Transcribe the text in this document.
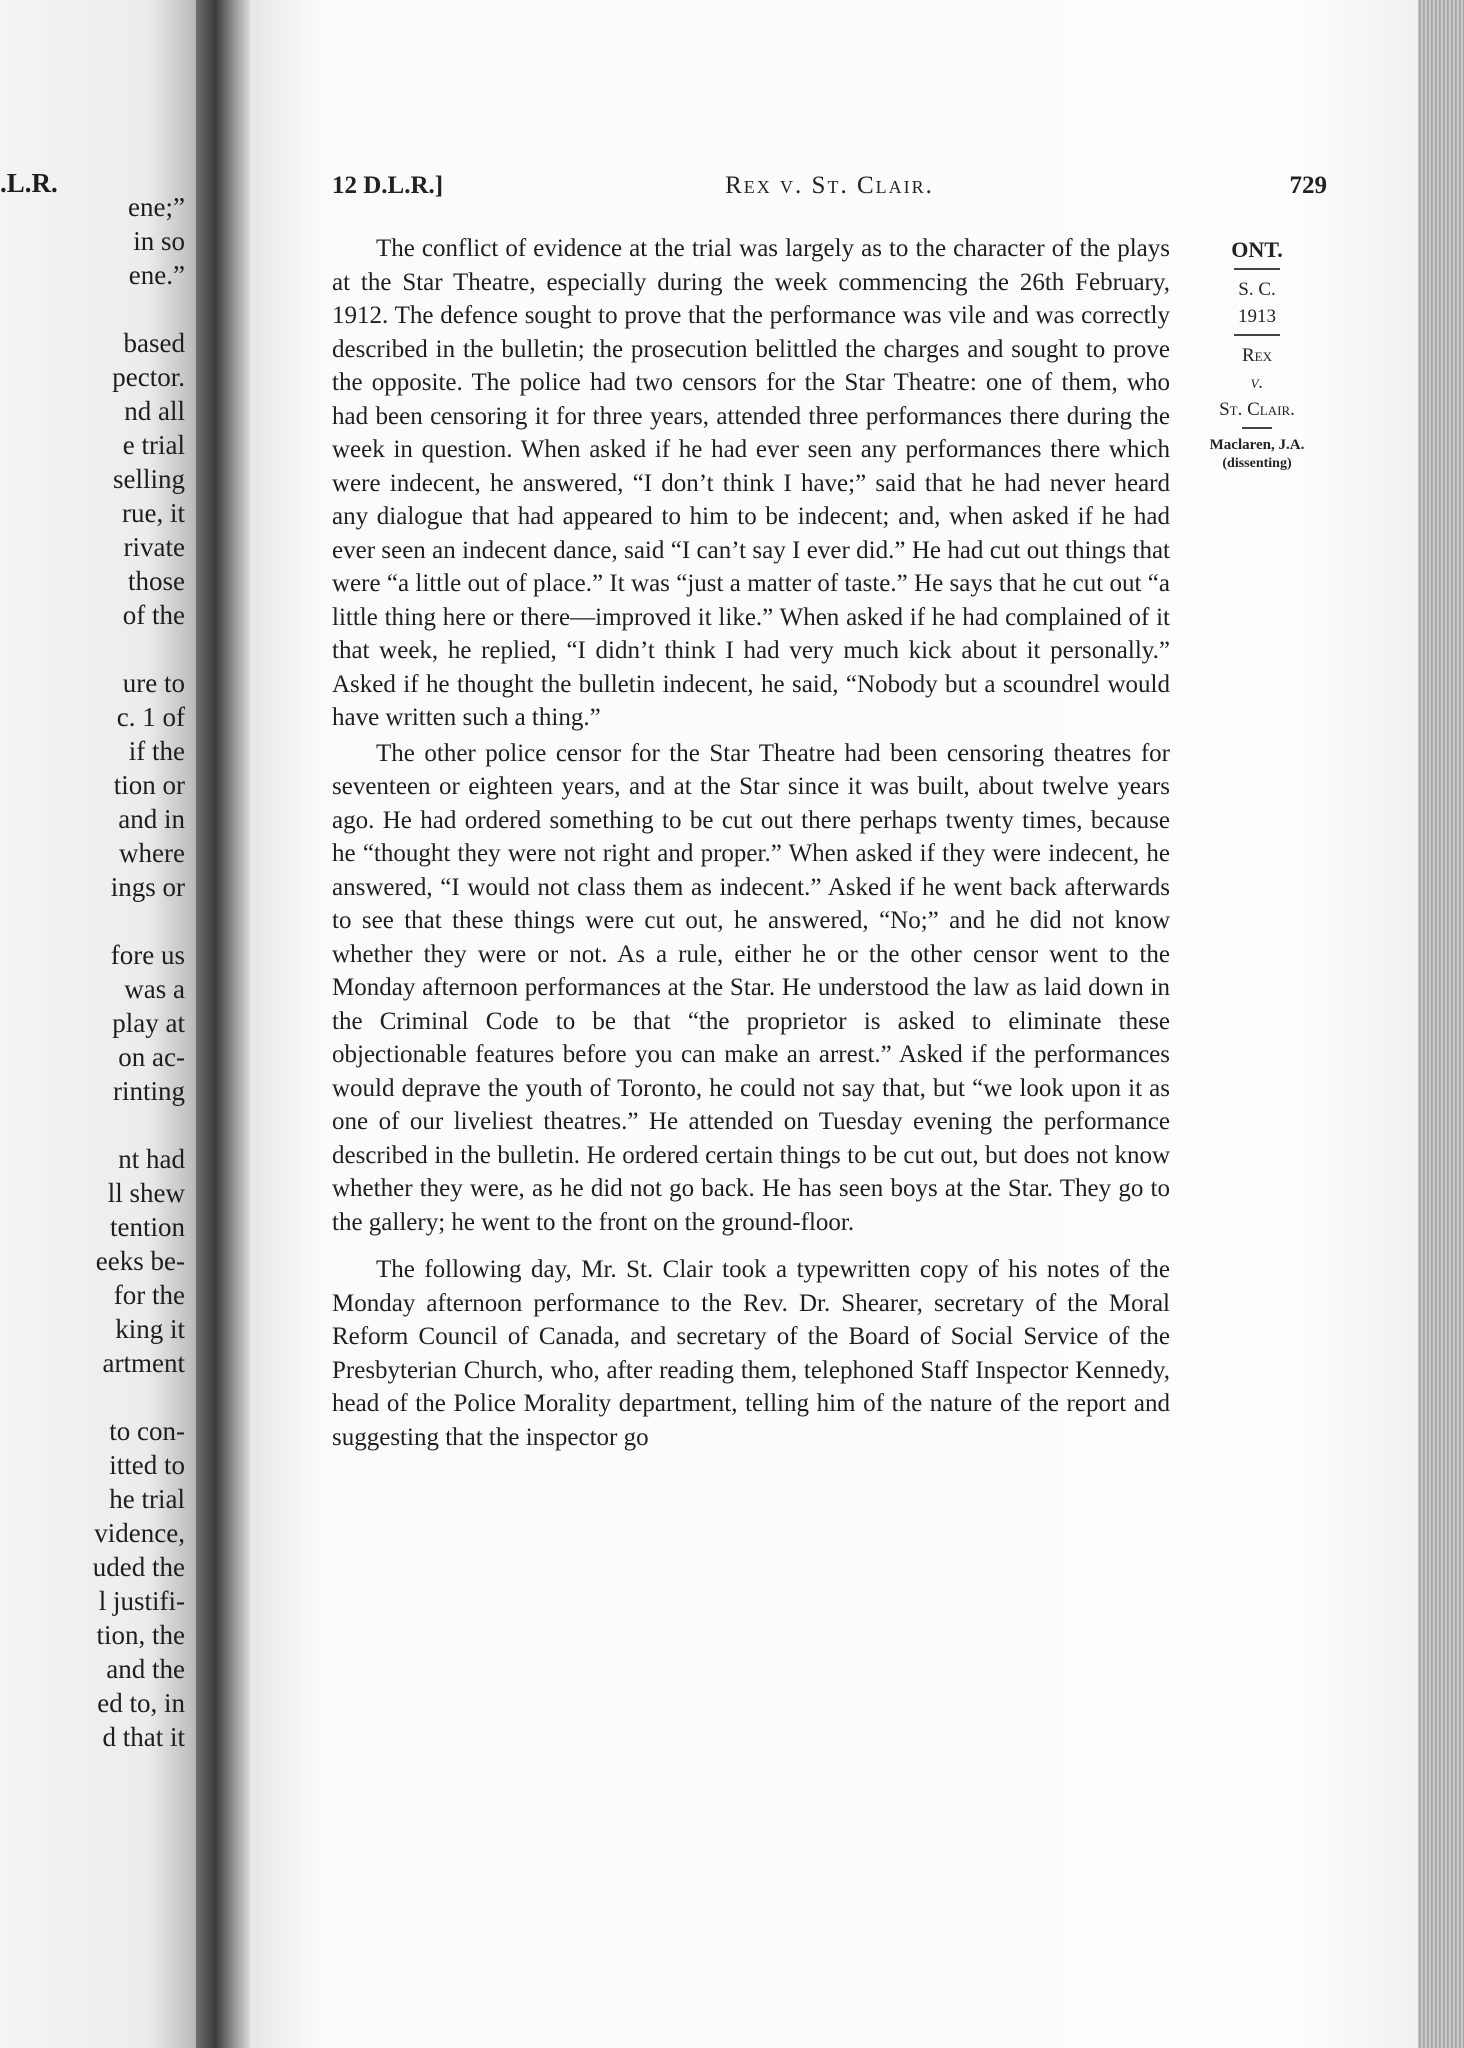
.L.R.
ene;”
in so
ene.”
based
pector.
nd all
e trial
selling
rue, it
rivate
those
of the
ure to
c. 1 of
if the
tion or
and in
where
ings or
fore us
was a
play at
on ac-
rinting
nt had
ll shew
tention
eeks be-
for the
king it
artment
to con-
itted to
he trial
vidence,
uded the
l justifi-
tion, the
and the
ed to, in
d that it
12 D.L.R.]	Rex v. St. Clair.	729
ONT.
S. C.
1913
Rex
v.
St. Clair.
Maclaren, J.A.
(dissenting)

The conflict of evidence at the trial was largely as to the character of the plays at the Star Theatre, especially during the week commencing the 26th February, 1912. The defence sought to prove that the performance was vile and was correctly described in the bulletin; the prosecution belittled the charges and sought to prove the opposite. The police had two censors for the Star Theatre: one of them, who had been censoring it for three years, attended three performances there during the week in question. When asked if he had ever seen any performances there which were indecent, he answered, “I don’t think I have;” said that he had never heard any dialogue that had appeared to him to be indecent; and, when asked if he had ever seen an indecent dance, said “I can’t say I ever did.” He had cut out things that were “a little out of place.” It was “just a matter of taste.” He says that he cut out “a little thing here or there—improved it like.” When asked if he had complained of it that week, he replied, “I didn’t think I had very much kick about it personally.” Asked if he thought the bulletin indecent, he said, “Nobody but a scoundrel would have written such a thing.”

The other police censor for the Star Theatre had been censoring theatres for seventeen or eighteen years, and at the Star since it was built, about twelve years ago. He had ordered something to be cut out there perhaps twenty times, because he “thought they were not right and proper.” When asked if they were indecent, he answered, “I would not class them as indecent.” Asked if he went back afterwards to see that these things were cut out, he answered, “No;” and he did not know whether they were or not. As a rule, either he or the other censor went to the Monday afternoon performances at the Star. He understood the law as laid down in the Criminal Code to be that “the proprietor is asked to eliminate these objectionable features before you can make an arrest.” Asked if the performances would deprave the youth of Toronto, he could not say that, but “we look upon it as one of our liveliest theatres.” He attended on Tuesday evening the performance described in the bulletin. He ordered certain things to be cut out, but does not know whether they were, as he did not go back. He has seen boys at the Star. They go to the gallery; he went to the front on the ground-floor.

The following day, Mr. St. Clair took a typewritten copy of his notes of the Monday afternoon performance to the Rev. Dr. Shearer, secretary of the Moral Reform Council of Canada, and secretary of the Board of Social Service of the Presbyterian Church, who, after reading them, telephoned Staff Inspector Kennedy, head of the Police Morality department, telling him of the nature of the report and suggesting that the inspector go
